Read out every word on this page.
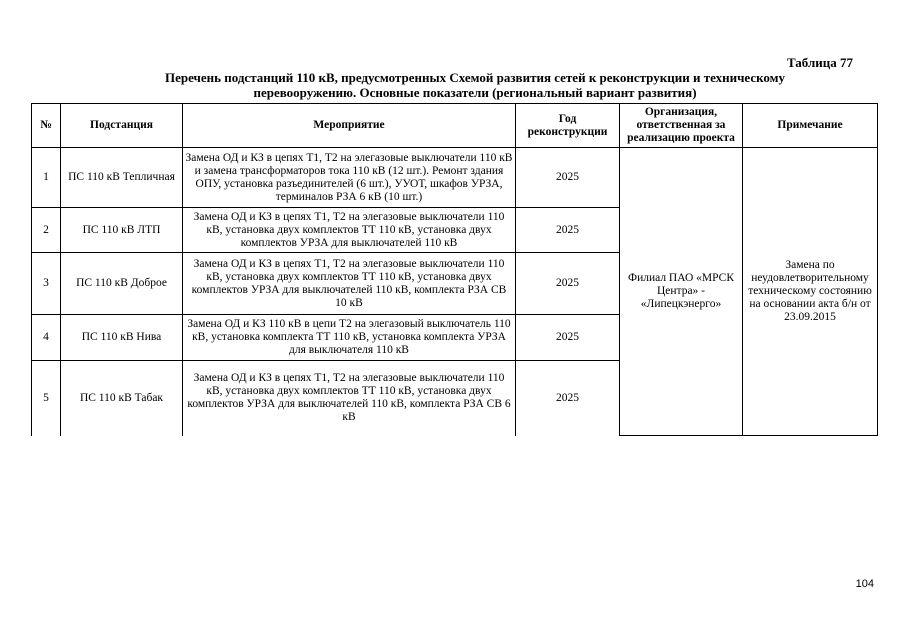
Таблица 77
Перечень подстанций 110 кВ, предусмотренных Схемой развития сетей к реконструкции и техническому перевооружению. Основные показатели (региональный вариант развития)
№	Подстанция	Мероприятие	Год реконструкции	Организация, ответственная за реализацию проекта	Примечание
1	ПС 110 кВ Тепличная	Замена ОД и КЗ в цепях Т1, Т2 на элегазовые выключатели 110 кВ и замена трансформаторов тока 110 кВ (12 шт.). Ремонт здания ОПУ, установка разъединителей (6 шт.), УУОТ, шкафов УРЗА, терминалов РЗА 6 кВ (10 шт.)	2025	Филиал ПАО «МРСК Центра» - «Липецкэнерго»	Замена по неудовлетворительному техническому состоянию на основании акта б/н от 23.09.2015
2	ПС 110 кВ ЛТП	Замена ОД и КЗ в цепях Т1, Т2 на элегазовые выключатели 110 кВ, установка двух комплектов ТТ 110 кВ, установка двух комплектов УРЗА для выключателей 110 кВ	2025		
3	ПС 110 кВ Доброе	Замена ОД и КЗ в цепях Т1, Т2 на элегазовые выключатели 110 кВ, установка двух комплектов ТТ 110 кВ, установка двух комплектов УРЗА для выключателей 110 кВ, комплекта РЗА СВ 10 кВ	2025		
4	ПС 110 кВ Нива	Замена ОД и КЗ 110 кВ в цепи Т2 на элегазовый выключатель 110 кВ, установка комплекта ТТ 110 кВ, установка комплекта УРЗА для выключателя 110 кВ	2025		
5	ПС 110 кВ Табак	Замена ОД и КЗ в цепях Т1, Т2 на элегазовые выключатели 110 кВ, установка двух комплектов ТТ 110 кВ, установка двух комплектов УРЗА для выключателей 110 кВ, комплекта РЗА СВ 6 кВ	2025		
104
